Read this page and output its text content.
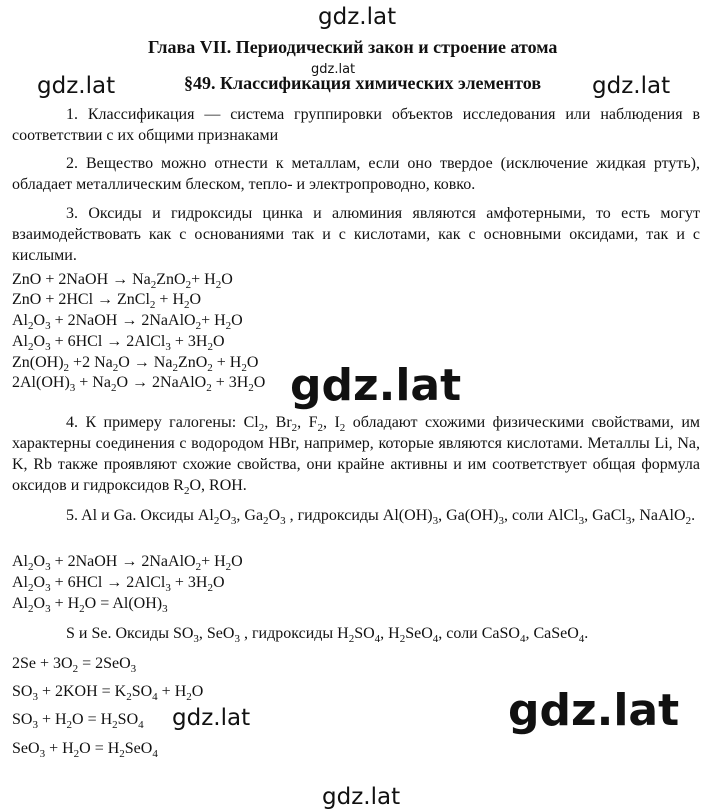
gdz.lat
gdz.lat
Глава VII. Периодический закон и строение атома
§49. Классификация химических элементов
gdz.lat
gdz.lat
1. Классификация — система группировки объектов исследования или наблюдения в соответствии с их общими признаками
2. Вещество можно отнести к металлам, если оно твердое (исключение жидкая ртуть), обладает металлическим блеском, тепло- и электропроводно, ковко.
3. Оксиды и гидроксиды цинка и алюминия являются амфотерными, то есть могут взаимодействовать как с основаниями так и с кислотами, как с основными оксидами, так и с кислыми.
ZnO + 2NaOH → $Na_2ZnO_2+ H_2O$
ZnO + 2HCl → ZnCl$_2$ + $H_2O$
$Al_2O_3$ + 2NaOH → 2NaAlO$_2$+ $H_2O$
$Al_2O_3 + 6HCl$ → 2AlCl$_3$ + $3H_2O$
$Zn(OH)_2 +2$ $Na_2O \to Na_2ZnO_2 + H_2O$
$2Al(OH)_3 + Na_2O$ → 2NaAlO$_2$ + $3H_2O$
4. К примеру галогены: $Cl_2$, $Br_2$, $F_2$, $I_2$ обладают схожими физическими свойствами, им характерны соединения с водородом HBr, например, которые являются кислотами. Металлы Li, Na, K, Rb также проявляют схожие свойства, они крайне активны и им соответствует общая формула оксидов и гидроксидов $R_2O$, ROH.
gdz.lat
5. Al и Ga. Оксиды $Al_2O_3$, $Ga_2O_3$ , гидроксиды $Al(OH)_3$, $Ga(OH)_3$, соли AlCl$_3$, GaCl$_3$, NaAlO$_2$.
$Al_2O_3$ + 2NaOH → 2NaAlO$_2$+ $H_2O$
$Al_2O_3 + 6HCl$ → 2AlCl$_3$ + $3H_2O$
$Al_2O_3 + H_2O = Al(OH)_3$
S и Se. Оксиды $SO_3$, SeO$_3$ , гидроксиды $H_2SO_4$, $H_2SeO_4$, соли CaSO$_4$, CaSeO$_4$.
$2Se + 3O_2 = 2SeO_3$
$SO_3 + 2KOH = K_2SO_4 + H_2O$
$SO_3 + H_2O = H_2SO_4$
$SeO_3 + H_2O = H_2SeO_4$
gdz.lat	gdz.lat
gdz.lat
